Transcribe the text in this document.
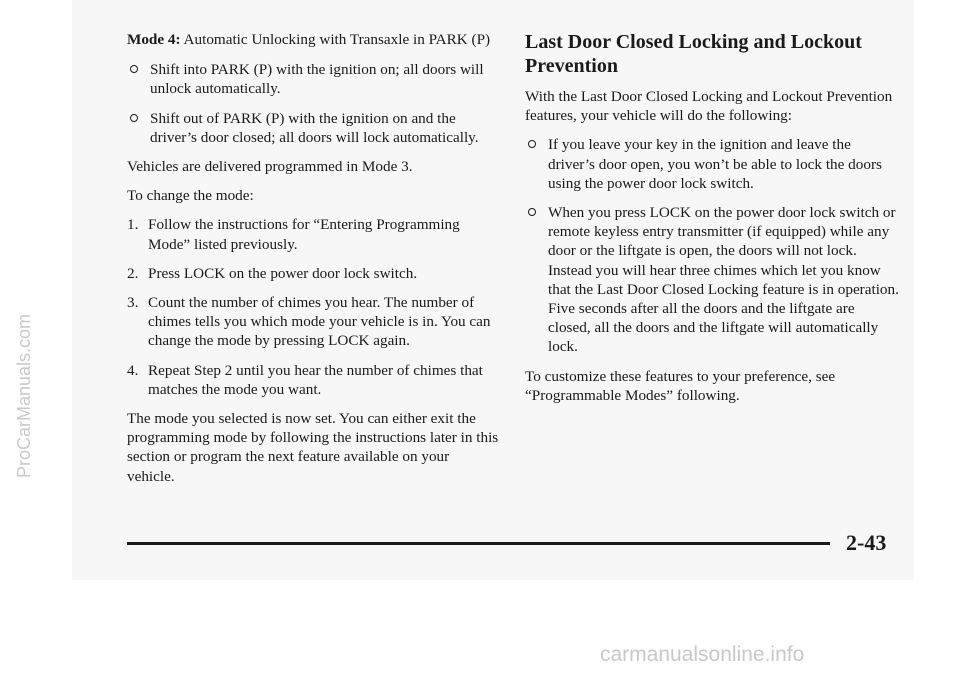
ProCarManuals.com

Mode 4: Automatic Unlocking with Transaxle in PARK (P)

Shift into PARK (P) with the ignition on; all doors will unlock automatically.
Shift out of PARK (P) with the ignition on and the driver’s door closed; all doors will lock automatically.

Vehicles are delivered programmed in Mode 3.

To change the mode:

1. Follow the instructions for “Entering Programming Mode” listed previously.
2. Press LOCK on the power door lock switch.
3. Count the number of chimes you hear. The number of chimes tells you which mode your vehicle is in. You can change the mode by pressing LOCK again.
4. Repeat Step 2 until you hear the number of chimes that matches the mode you want.

The mode you selected is now set. You can either exit the programming mode by following the instructions later in this section or program the next feature available on your vehicle.

Last Door Closed Locking and Lockout Prevention

With the Last Door Closed Locking and Lockout Prevention features, your vehicle will do the following:

If you leave your key in the ignition and leave the driver’s door open, you won’t be able to lock the doors using the power door lock switch.
When you press LOCK on the power door lock switch or remote keyless entry transmitter (if equipped) while any door or the liftgate is open, the doors will not lock. Instead you will hear three chimes which let you know that the Last Door Closed Locking feature is in operation. Five seconds after all the doors and the liftgate are closed, all the doors and the liftgate will automatically lock.

To customize these features to your preference, see “Programmable Modes” following.

2-43
carmanualsonline.info
